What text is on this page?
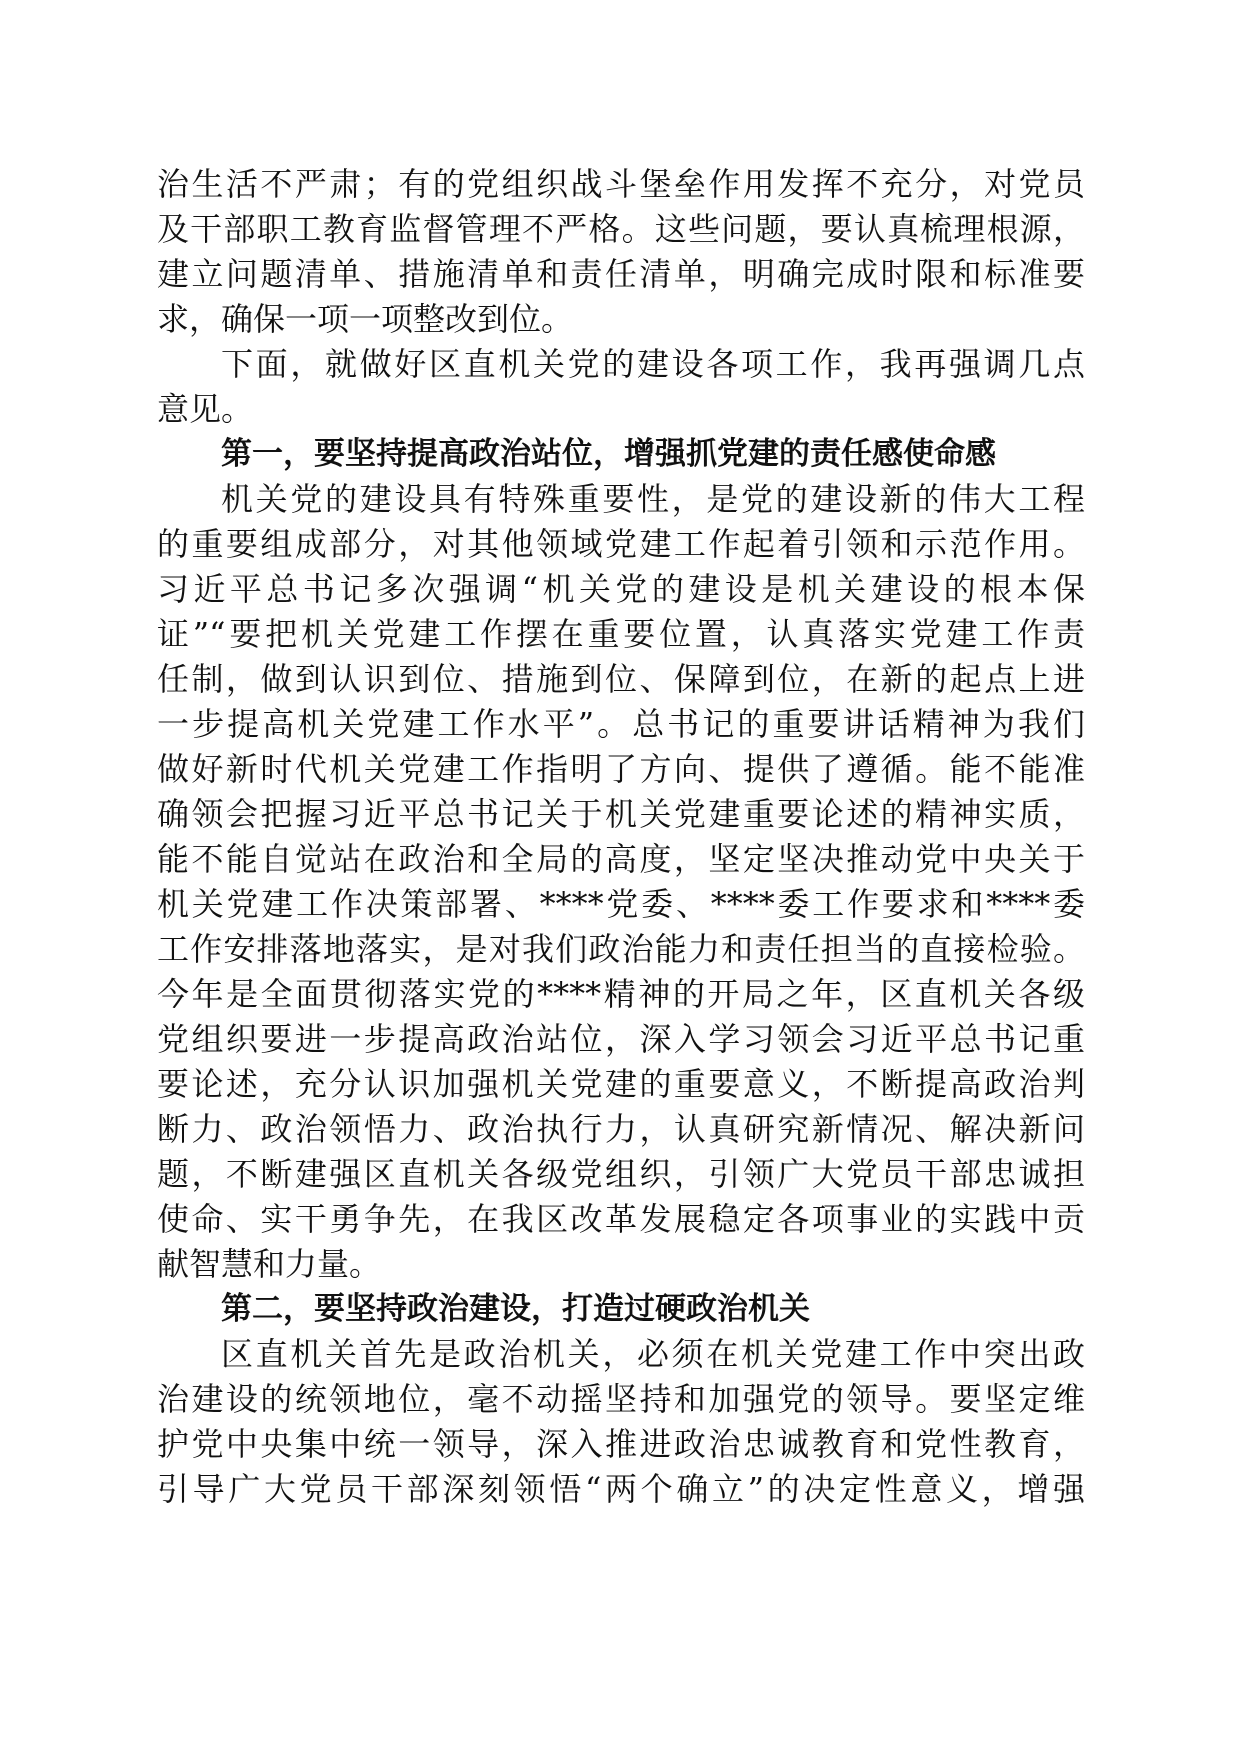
治生活不严肃；有的党组织战斗堡垒作用发挥不充分，对党员
及干部职工教育监督管理不严格。这些问题，要认真梳理根源，
建立问题清单、措施清单和责任清单，明确完成时限和标准要
求，确保一项一项整改到位。
下面，就做好区直机关党的建设各项工作，我再强调几点
意见。
第一，要坚持提高政治站位，增强抓党建的责任感使命感
机关党的建设具有特殊重要性，是党的建设新的伟大工程
的重要组成部分，对其他领域党建工作起着引领和示范作用。
习近平总书记多次强调“机关党的建设是机关建设的根本保
证”“要把机关党建工作摆在重要位置，认真落实党建工作责
任制，做到认识到位、措施到位、保障到位，在新的起点上进
一步提高机关党建工作水平”。总书记的重要讲话精神为我们
做好新时代机关党建工作指明了方向、提供了遵循。能不能准
确领会把握习近平总书记关于机关党建重要论述的精神实质，
能不能自觉站在政治和全局的高度，坚定坚决推动党中央关于
机关党建工作决策部署、****党委、****委工作要求和****委
工作安排落地落实，是对我们政治能力和责任担当的直接检验。
今年是全面贯彻落实党的****精神的开局之年，区直机关各级
党组织要进一步提高政治站位，深入学习领会习近平总书记重
要论述，充分认识加强机关党建的重要意义，不断提高政治判
断力、政治领悟力、政治执行力，认真研究新情况、解决新问
题，不断建强区直机关各级党组织，引领广大党员干部忠诚担
使命、实干勇争先，在我区改革发展稳定各项事业的实践中贡
献智慧和力量。
第二，要坚持政治建设，打造过硬政治机关
区直机关首先是政治机关，必须在机关党建工作中突出政
治建设的统领地位，毫不动摇坚持和加强党的领导。要坚定维
护党中央集中统一领导，深入推进政治忠诚教育和党性教育，
引导广大党员干部深刻领悟“两个确立”的决定性意义，增强
